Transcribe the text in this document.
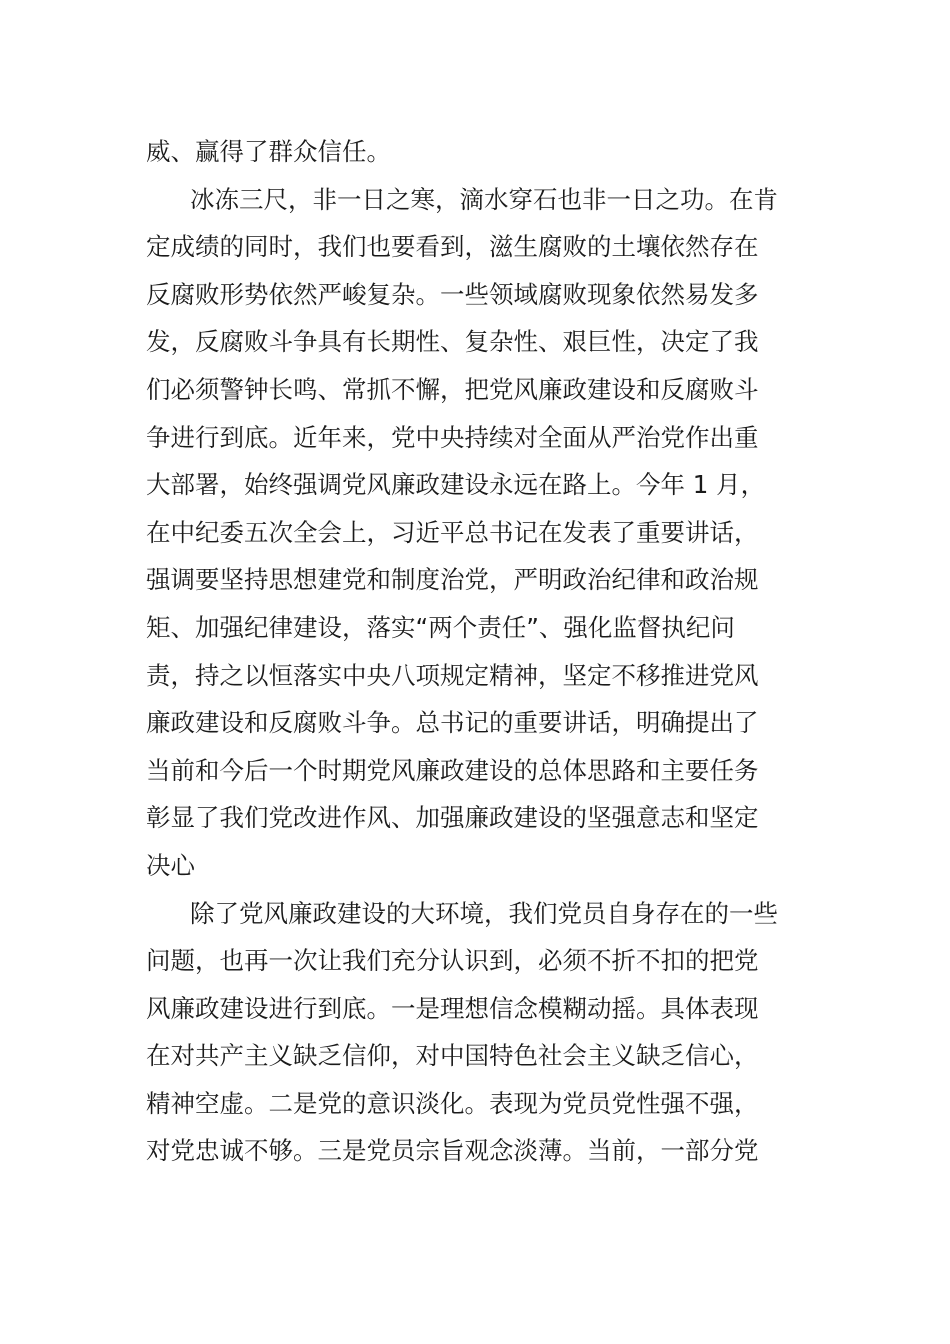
威、赢得了群众信任。
冰冻三尺，非一日之寒，滴水穿石也非一日之功。在肯
定成绩的同时，我们也要看到，滋生腐败的土壤依然存在
反腐败形势依然严峻复杂。一些领域腐败现象依然易发多
发，反腐败斗争具有长期性、复杂性、艰巨性，决定了我
们必须警钟长鸣、常抓不懈，把党风廉政建设和反腐败斗
争进行到底。近年来，党中央持续对全面从严治党作出重
大部署，始终强调党风廉政建设永远在路上。今年 1 月，
在中纪委五次全会上，习近平总书记在发表了重要讲话，
强调要坚持思想建党和制度治党，严明政治纪律和政治规
矩、加强纪律建设，落实“两个责任”、强化监督执纪问
责，持之以恒落实中央八项规定精神，坚定不移推进党风
廉政建设和反腐败斗争。总书记的重要讲话，明确提出了
当前和今后一个时期党风廉政建设的总体思路和主要任务
彰显了我们党改进作风、加强廉政建设的坚强意志和坚定
决心
除了党风廉政建设的大环境，我们党员自身存在的一些
问题，也再一次让我们充分认识到，必须不折不扣的把党
风廉政建设进行到底。一是理想信念模糊动摇。具体表现
在对共产主义缺乏信仰，对中国特色社会主义缺乏信心，
精神空虚。二是党的意识淡化。表现为党员党性强不强，
对党忠诚不够。三是党员宗旨观念淡薄。当前，一部分党
